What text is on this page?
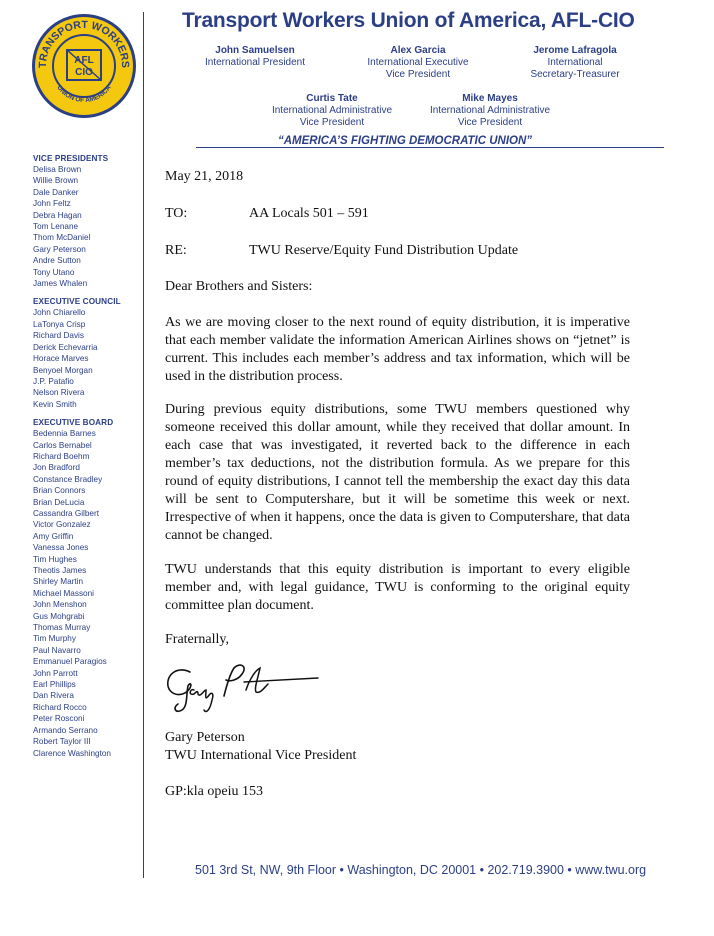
TRANSPORT WORKERS
UNION OF AMERICA
AFL
CIO
Transport Workers Union of America, AFL-CIO
John Samuelsen
International President
Alex Garcia
International Executive
Vice President
Jerome Lafragola
International
Secretary-Treasurer
Curtis Tate
International Administrative
Vice President
Mike Mayes
International Administrative
Vice President
“AMERICA’S FIGHTING DEMOCRATIC UNION”
VICE PRESIDENTS
Delisa Brown
Willie Brown
Dale Danker
John Feltz
Debra Hagan
Tom Lenane
Thom McDaniel
Gary Peterson
Andre Sutton
Tony Utano
James Whalen
EXECUTIVE COUNCIL
John Chiarello
LaTonya Crisp
Richard Davis
Derick Echevarria
Horace Marves
Benyoel Morgan
J.P. Patafio
Nelson Rivera
Kevin Smith
EXECUTIVE BOARD
Bedennia Barnes
Carlos Bernabel
Richard Boehm
Jon Bradford
Constance Bradley
Brian Connors
Brian DeLucia
Cassandra Gilbert
Victor Gonzalez
Amy Griffin
Vanessa Jones
Tim Hughes
Theotis James
Shirley Martin
Michael Massoni
John Menshon
Gus Mohgrabi
Thomas Murray
Tim Murphy
Paul Navarro
Emmanuel Paragios
John Parrott
Earl Phillips
Dan Rivera
Richard Rocco
Peter Rosconi
Armando Serrano
Robert Taylor III
Clarence Washington
May 21, 2018
TO:	AA Locals 501 – 591
RE:	TWU Reserve/Equity Fund Distribution Update
Dear Brothers and Sisters:
As we are moving closer to the next round of equity distribution, it is imperative that each member validate the information American Airlines shows on “jetnet” is current. This includes each member’s address and tax information, which will be used in the distribution process.
During previous equity distributions, some TWU members questioned why someone received this dollar amount, while they received that dollar amount. In each case that was investigated, it reverted back to the difference in each member’s tax deductions, not the distribution formula. As we prepare for this round of equity distributions, I cannot tell the membership the exact day this data will be sent to Computershare, but it will be sometime this week or next. Irrespective of when it happens, once the data is given to Computershare, that data cannot be changed.
TWU understands that this equity distribution is important to every eligible member and, with legal guidance, TWU is conforming to the original equity committee plan document.
Fraternally,
Gary Peterson
TWU International Vice President
GP:kla opeiu 153
501 3rd St, NW, 9th Floor • Washington, DC 20001 • 202.719.3900 • www.twu.org
